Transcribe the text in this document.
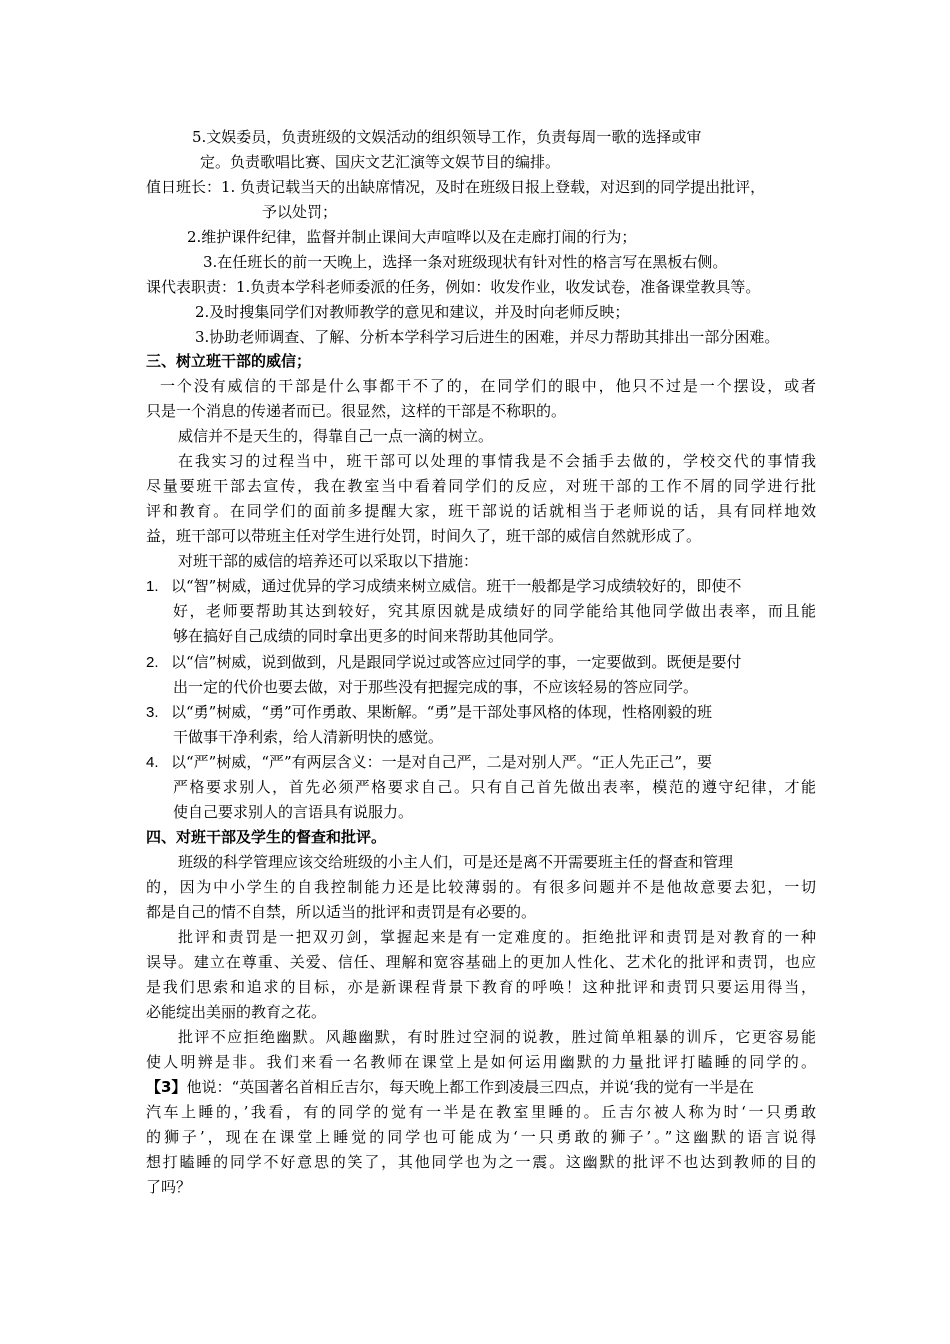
5.文娱委员，负责班级的文娱活动的组织领导工作，负责每周一歌的选择或审
定。负责歌唱比赛、国庆文艺汇演等文娱节目的编排。
值日班长：1. 负责记载当天的出缺席情况，及时在班级日报上登载，对迟到的同学提出批评，
予以处罚；
2.维护课件纪律，监督并制止课间大声喧哗以及在走廊打闹的行为；
3.在任班长的前一天晚上，选择一条对班级现状有针对性的格言写在黑板右侧。
课代表职责：1.负责本学科老师委派的任务，例如：收发作业，收发试卷，准备课堂教具等。
2.及时搜集同学们对教师教学的意见和建议，并及时向老师反映；
3.协助老师调查、了解、分析本学科学习后进生的困难，并尽力帮助其排出一部分困难。
三、树立班干部的威信；
一个没有威信的干部是什么事都干不了的，在同学们的眼中，他只不过是一个摆设，或者
只是一个消息的传递者而已。很显然，这样的干部是不称职的。
威信并不是天生的，得靠自己一点一滴的树立。
在我实习的过程当中，班干部可以处理的事情我是不会插手去做的，学校交代的事情我
尽量要班干部去宣传，我在教室当中看着同学们的反应，对班干部的工作不屑的同学进行批
评和教育。在同学们的面前多提醒大家，班干部说的话就相当于老师说的话，具有同样地效
益，班干部可以带班主任对学生进行处罚，时间久了，班干部的威信自然就形成了。
对班干部的威信的培养还可以采取以下措施：
1. 以“智”树威，通过优异的学习成绩来树立威信。班干一般都是学习成绩较好的，即使不
好，老师要帮助其达到较好，究其原因就是成绩好的同学能给其他同学做出表率，而且能
够在搞好自己成绩的同时拿出更多的时间来帮助其他同学。
2. 以“信”树威，说到做到，凡是跟同学说过或答应过同学的事，一定要做到。既便是要付
出一定的代价也要去做，对于那些没有把握完成的事，不应该轻易的答应同学。
3. 以“勇”树威，“勇”可作勇敢、果断解。“勇”是干部处事风格的体现，性格刚毅的班
干做事干净利索，给人清新明快的感觉。
4. 以“严”树威，“严”有两层含义：一是对自己严，二是对别人严。“正人先正己”，要
严格要求别人，首先必须严格要求自己。只有自己首先做出表率，模范的遵守纪律，才能
使自己要求别人的言语具有说服力。
四、对班干部及学生的督查和批评。
班级的科学管理应该交给班级的小主人们，可是还是离不开需要班主任的督查和管理
的，因为中小学生的自我控制能力还是比较薄弱的。有很多问题并不是他故意要去犯，一切
都是自己的情不自禁，所以适当的批评和责罚是有必要的。
批评和责罚是一把双刃剑，掌握起来是有一定难度的。拒绝批评和责罚是对教育的一种
误导。建立在尊重、关爱、信任、理解和宽容基础上的更加人性化、艺术化的批评和责罚，也应
是我们思索和追求的目标，亦是新课程背景下教育的呼唤！这种批评和责罚只要运用得当，
必能绽出美丽的教育之花。
批评不应拒绝幽默。风趣幽默，有时胜过空洞的说教，胜过简单粗暴的训斥，它更容易能
使人明辨是非。我们来看一名教师在课堂上是如何运用幽默的力量批评打瞌睡的同学的。
【3】他说：“英国著名首相丘吉尔，每天晚上都工作到凌晨三四点，并说‘我的觉有一半是在
汽车上睡的，’我看，有的同学的觉有一半是在教室里睡的。丘吉尔被人称为时‘一只勇敢
的狮子’，现在在课堂上睡觉的同学也可能成为‘一只勇敢的狮子’。”这幽默的语言说得
想打瞌睡的同学不好意思的笑了，其他同学也为之一震。这幽默的批评不也达到教师的目的
了吗？
